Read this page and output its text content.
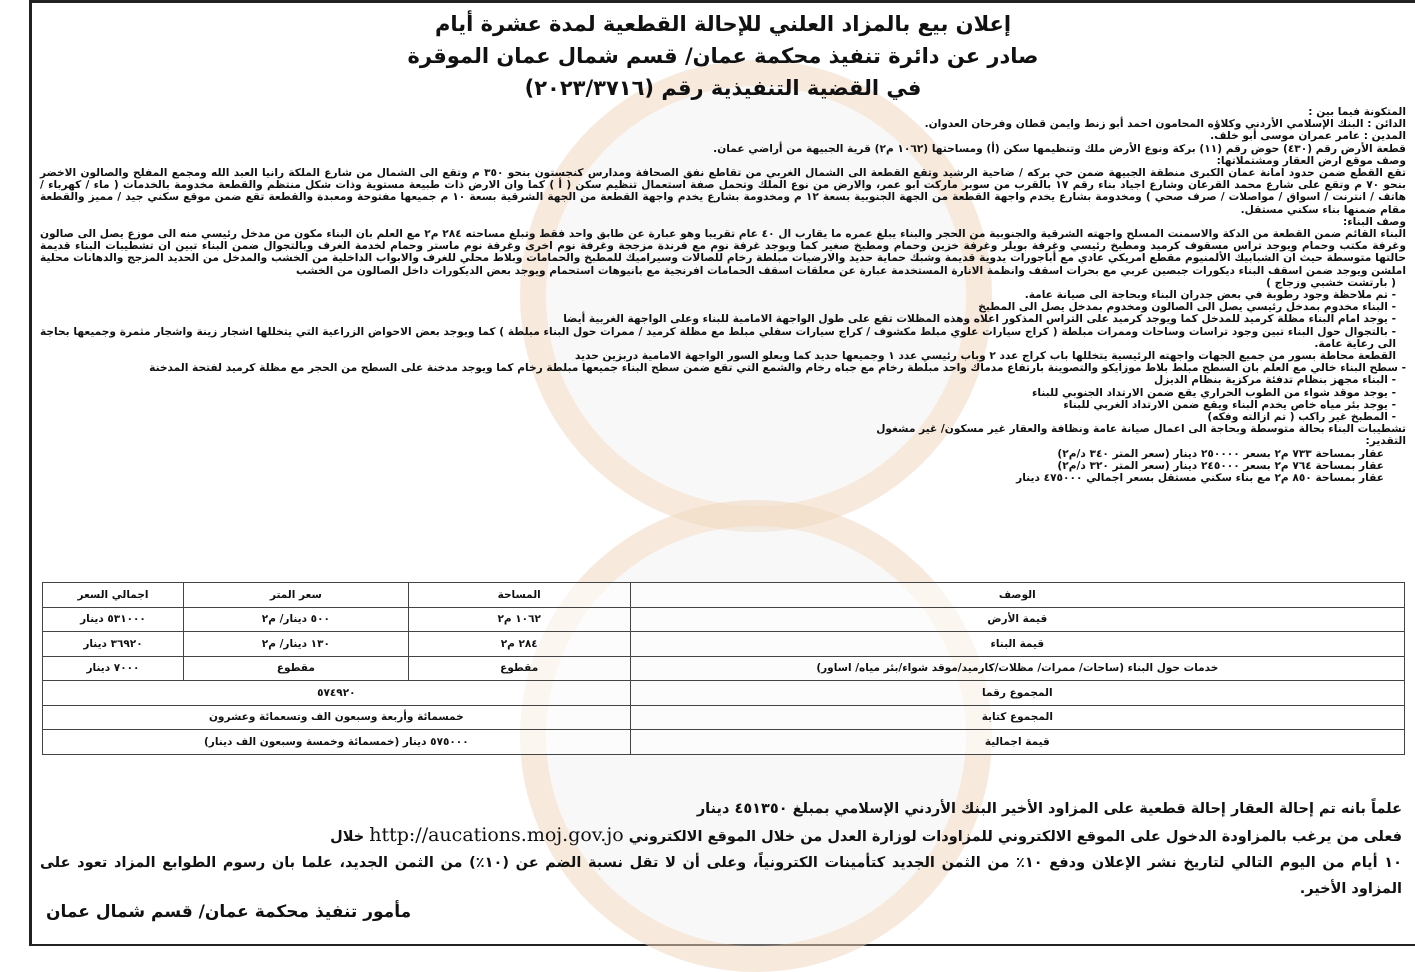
إعلان بيع بالمزاد العلني للإحالة القطعية لمدة عشرة أيام
صادر عن دائرة تنفيذ محكمة عمان/ قسم شمال عمان الموقرة
في القضية التنفيذية رقم (٢٠٢٣/٣٧١٦)

المتكونة فيما بين :

الدائن : البنك الإسلامي الأردني وكلاؤه المحامون احمد أبو زنط وايمن قطان وفرحان العدوان.

المدين : عامر عمران موسى أبو خلف.

قطعة الأرض رقم (٤٣٠) حوض رقم (١١) بركة ونوع الأرض ملك وتنظيمها سكن (أ) ومساحتها (١٠٦٢ م٢) قرية الجبيهة من أراضي عمان.

وصف موقع ارض العقار ومشتملاتها:

تقع القطع ضمن حدود امانة عمان الكبرى منطقة الجبيهة ضمن حي بركه / ضاحية الرشيد وتقع القطعة الى الشمال الغربي من تقاطع نفق الصحافة ومدارس كنجستون بنحو ٣٥٠ م وتقع الى الشمال من شارع الملكة رانيا العبد الله ومجمع المفلح والصالون الاخضر بنحو ٧٠ م وتقع على شارع محمد القرعان وشارع اجياد بناء رقم ١٧ بالقرب من سوبر ماركت ابو عمر، والارض من نوع الملك وتحمل صفة استعمال تنظيم سكن ( أ ) كما وان الارض ذات طبيعة مستوية وذات شكل منتظم والقطعة مخدومة بالخدمات ( ماء / كهرباء / هاتف / انترنت / اسواق / مواصلات / صرف صحي ) ومخدومة بشارع يخدم واجهة القطعة من الجهة الجنوبية بسعة ١٢ م ومخدومة بشارع يخدم واجهة القطعة من الجهة الشرقية بسعة ١٠ م جميعها مفتوحة ومعبدة والقطعة تقع ضمن موقع سكني جيد / مميز والقطعة مقام ضمنها بناء سكني مستقل.

وصف البناء:

البناء القائم ضمن القطعة من الدكة والاسمنت المسلح واجهته الشرقية والجنوبية من الحجر والبناء يبلغ عمره ما يقارب ال ٤٠ عام تقريبا وهو عبارة عن طابق واحد فقط وتبلغ مساحته ٢٨٤ م٢ مع العلم بان البناء مكون من مدخل رئيسي منه الى موزع يصل الى صالون وغرفة مكتب وحمام ويوجد تراس مسقوف كرميد ومطبخ رئيسي وغرفة بويلر وغرفة خزين وحمام ومطبخ صغير كما ويوجد غرفة نوم مع فرندة مزججة وغرفة نوم اخرى وغرفة نوم ماستر وحمام لخدمة الغرف وبالتجوال ضمن البناء تبين ان تشطيبات البناء قديمة حالتها متوسطة حيث ان الشبابيك الألمنيوم مقطع امريكي عادي مع أباجورات يدوية قديمة وشبك حماية حديد والارضيات مبلطة رخام للصالات وسيراميك للمطبخ والحمامات وبلاط محلي للغرف والابواب الداخلية من الخشب والمدخل من الحديد المزجج والدهانات محلية املشن ويوجد ضمن اسقف البناء ديكورات جبصين عربي مع بحرات اسقف وانظمة الانارة المستخدمة عبارة عن معلقات اسقف الحمامات افرنجية مع بانيوهات استحمام ويوجد بعض الديكورات داخل الصالون من الخشب

( بارتشت خشبي وزجاج )

- تم ملاحظة وجود رطوبة في بعض جدران البناء وبحاجة الى صيانة عامة.

- البناء مخدوم بمدخل رئيسي يصل الى الصالون ومخدوم بمدخل يصل الى المطبخ

- يوجد امام البناء مظلة كرميد للمدخل كما ويوجد كرميد على التراس المذكور اعلاه وهذه المظلات تقع على طول الواجهة الامامية للبناء وعلى الواجهة الغربية أيضا

- بالتجوال حول البناء تبين وجود تراسات وساحات وممرات مبلطة ( كراج سيارات علوي مبلط مكشوف / كراج سيارات سفلي مبلط مع مظلة كرميد / ممرات حول البناء مبلطة ) كما ويوجد بعض الاحواض الزراعية التي يتخللها اشجار زينة واشجار مثمرة وجميعها بحاجة الى رعاية عامة.

القطعة محاطة بسور من جميع الجهات واجهته الرئيسية يتخللها باب كراج عدد ٢ وباب رئيسي عدد ١ وجميعها حديد كما ويعلو السور الواجهة الامامية دربزين حديد

- سطح البناء خالي مع العلم بان السطح مبلط بلاط موزايكو والتصوينة بارتفاع مدماك واحد مبلطة رخام مع جباه رخام والشمع التي تقع ضمن سطح البناء جميعها مبلطة رخام كما ويوجد مدخنة على السطح من الحجر مع مظلة كرميد لفتحة المدخنة

- البناء مجهز بنظام تدفئة مركزية بنظام الديزل

- يوجد موقد شواء من الطوب الحراري يقع ضمن الارتداد الجنوبي للبناء

- يوجد بئر مياه خاص يخدم البناء ويقع ضمن الارتداد الغربي للبناء

- المطبخ غير راكب ( تم ازالته وفكه)

تشطيبات البناء بحالة متوسطة وبحاجة الى اعمال صيانة عامة ونظافة والعقار غير مسكون/ غير مشغول

التقدير:

عقار بمساحة ٧٣٣ م٢ بسعر ٢٥٠٠٠٠ دينار (سعر المتر ٣٤٠ د/م٢)

عقار بمساحة ٧٦٤ م٢ بسعر ٢٤٥٠٠٠ دينار (سعر المتر ٣٢٠ د/م٢)

عقار بمساحة ٨٥٠ م٢ مع بناء سكني مستقل بسعر اجمالي ٤٧٥٠٠٠ دينار

الوصف	المساحة	سعر المتر	اجمالي السعر
قيمة الأرض	١٠٦٢ م٢	٥٠٠ دينار/ م٢	٥٣١٠٠٠ دينار
قيمة البناء	٢٨٤ م٢	١٣٠ دينار/ م٢	٣٦٩٢٠ دينار
خدمات حول البناء (ساحات/ ممرات/ مظلات/كارميد/موقد شواء/بئر مياه/ اساور)	مقطوع	مقطوع	٧٠٠٠ دينار
المجموع رقما	٥٧٤٩٢٠		
المجموع كتابة	خمسمائة وأربعة وسبعون الف وتسعمائة وعشرون		
قيمة اجمالية	٥٧٥٠٠٠ دينار (خمسمائة وخمسة وسبعون الف دينار)		

علماً بانه تم إحالة العقار إحالة قطعية على المزاود الأخير البنك الأردني الإسلامي بمبلغ ٤٥١٣٥٠ دينار

فعلى من يرغب بالمزاودة الدخول على الموقع الالكتروني للمزاودات لوزارة العدل من خلال الموقع الالكتروني http://aucations.moj.gov.jo خلال

١٠ أيام من اليوم التالي لتاريخ نشر الإعلان ودفع ١٠٪ من الثمن الجديد كتأمينات الكترونياً، وعلى أن لا تقل نسبة الضم عن (١٠٪) من الثمن الجديد، علما بان رسوم الطوابع المزاد تعود على المزاود الأخير.

مأمور تنفيذ محكمة عمان/ قسم شمال عمان
